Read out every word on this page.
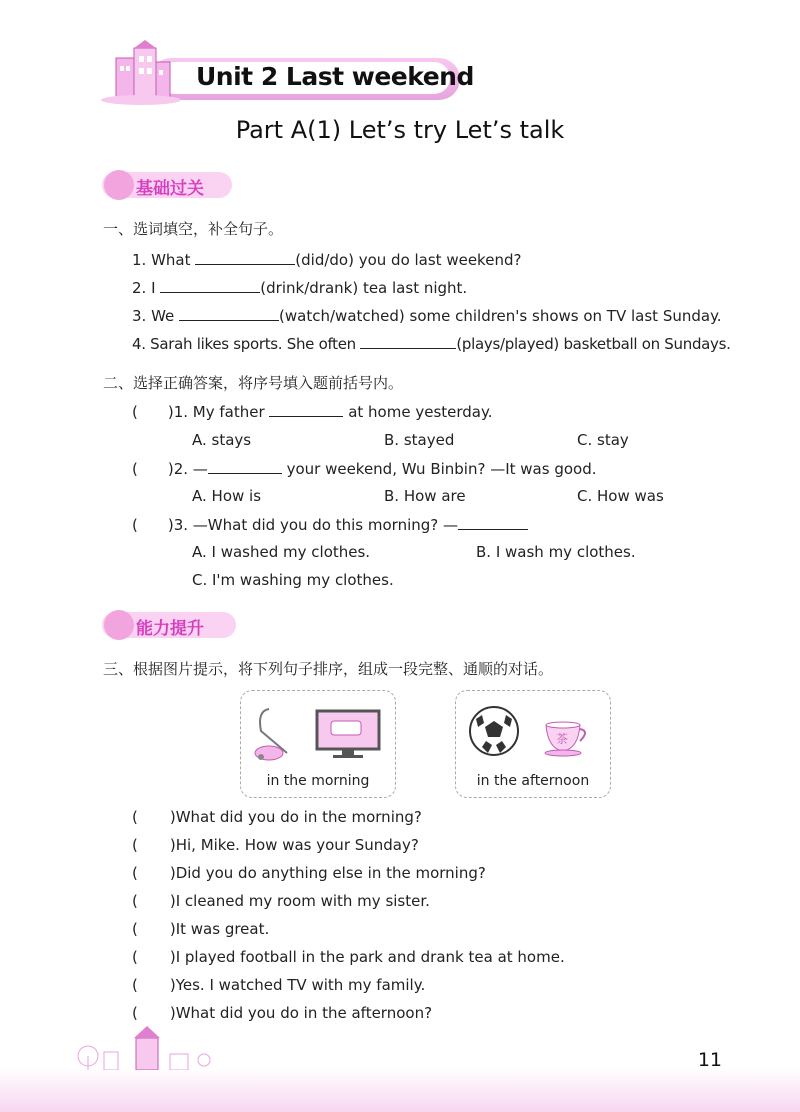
Unit 2 Last weekend
Part A(1) Let’s try Let’s talk
基础过关
一、选词填空，补全句子。
1. What	(did/do) you do last weekend?
2. I	(drink/drank) tea last night.
3. We	(watch/watched) some children's shows on TV last Sunday.
4. Sarah likes sports. She often	(plays/played) basketball on Sundays.
二、选择正确答案，将序号填入题前括号内。
( )1. My father	at home yesterday.
A. stays	B. stayed	C. stay
( )2. —	your weekend, Wu Binbin? —It was good.
A. How is	B. How are	C. How was
( )3. —What did you do this morning? —
A. I washed my clothes.	B. I wash my clothes.
C. I'm washing my clothes.
能力提升
三、根据图片提示，将下列句子排序，组成一段完整、通顺的对话。
in the morning
茶
in the afternoon
( )What did you do in the morning?
( )Hi, Mike. How was your Sunday?
( )Did you do anything else in the morning?
( )I cleaned my room with my sister.
( )It was great.
( )I played football in the park and drank tea at home.
( )Yes. I watched TV with my family.
( )What did you do in the afternoon?
11
